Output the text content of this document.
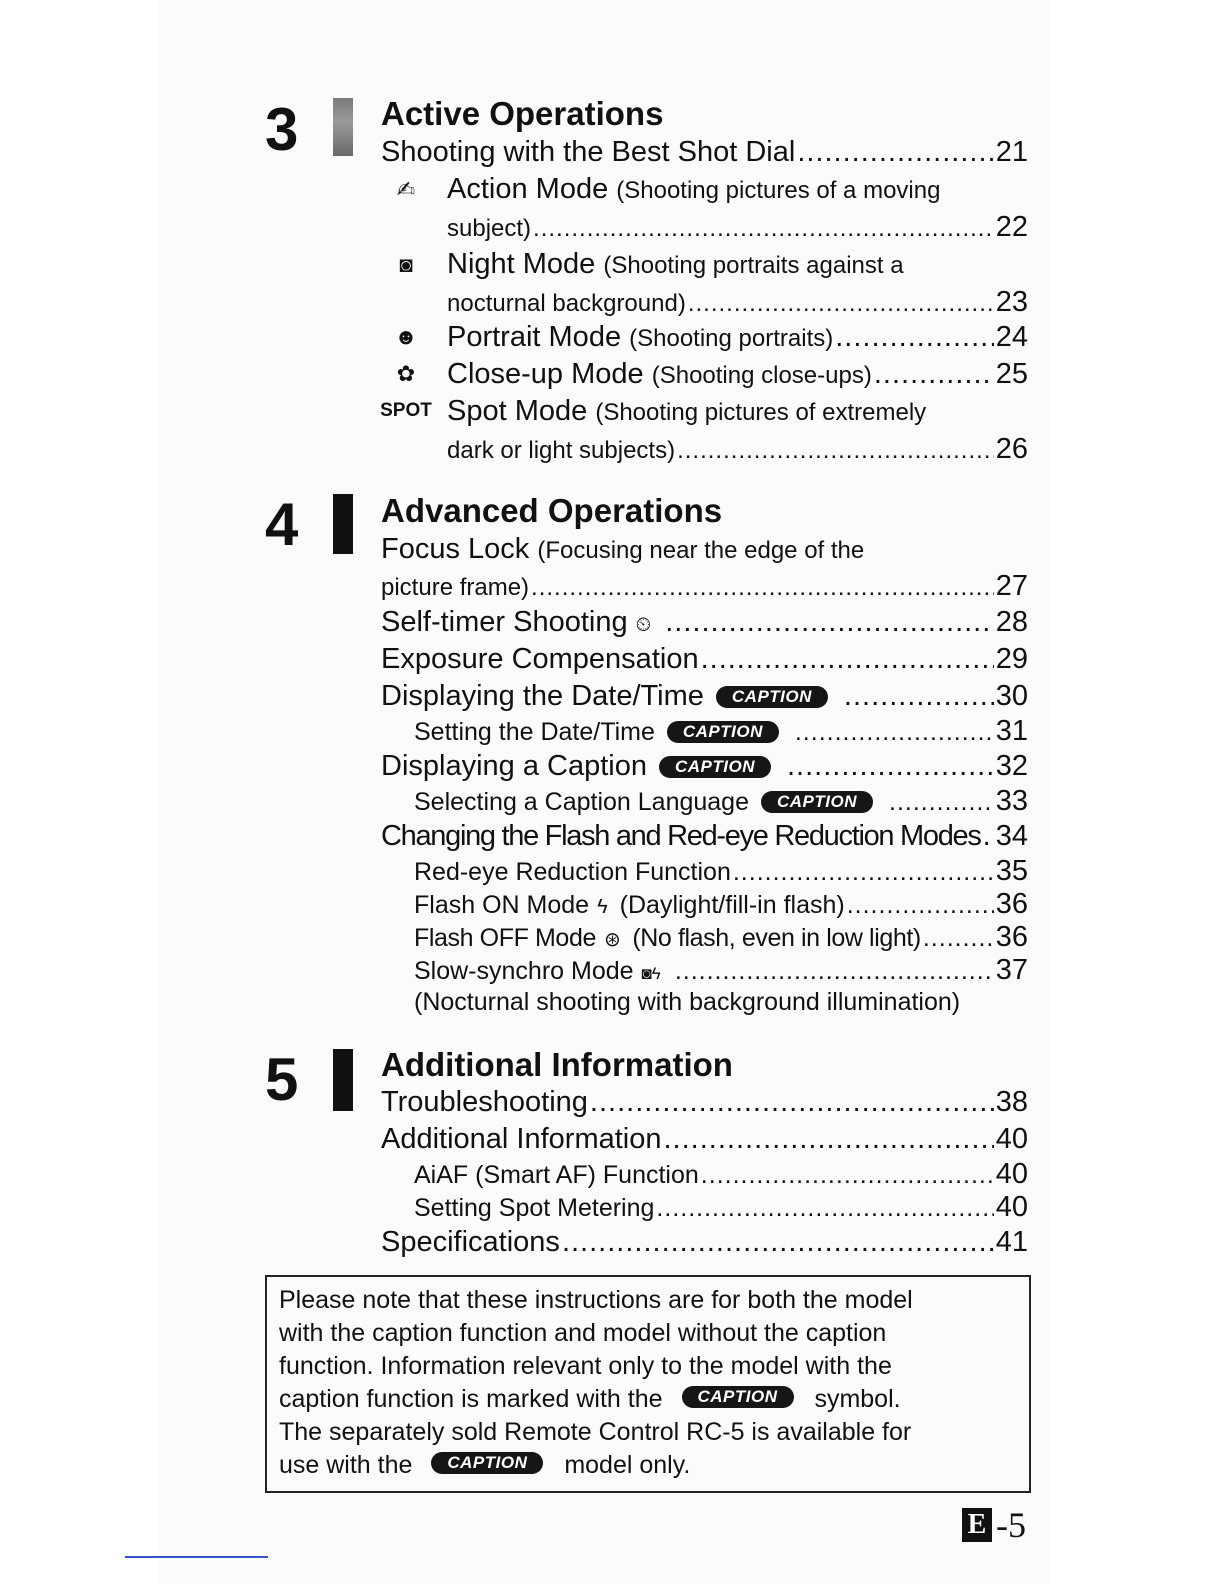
3	Active Operations
Shooting with the Best Shot Dial .....	21
✍	Action Mode (Shooting pictures of a moving
subject) .....	22
◙	Night Mode (Shooting portraits against a
nocturnal background) .....	23
☻	Portrait Mode
(Shooting portraits) .....	24
✿	Close-up Mode
(Shooting close-ups) .....	25
SPOT Spot Mode (Shooting pictures of extremely
dark or light subjects) .....	26
4	Advanced Operations
Focus Lock (Focusing near the edge of the
picture frame) .....	27
Self-timer Shooting ⏲ .....	28
Exposure Compensation .....	29
Displaying the Date/Time	CAPTION .....	30
Setting the Date/Time	CAPTION .....	31
Displaying a Caption	CAPTION .....	32
Selecting a Caption Language	CAPTION .....	33
Changing the Flash and Red-eye Reduction Modes ..... 34
Red-eye Reduction Function .....	35
Flash ON Mode ϟ (Daylight/fill-in flash) .....	36
Flash OFF Mode ⊛ (No flash, even in low light) .....	36
Slow-synchro Mode ◙ϟ .....	37
(Nocturnal shooting with background illumination)
5	Additional Information
Troubleshooting .....	38
Additional Information .....	40
AiAF (Smart AF) Function .....	40
Setting Spot Metering .....	40
Specifications .....	41
Please note that these instructions are for both the model
with the caption function and model without the caption
function. Information relevant only to the model with the
caption function is marked with the CAPTION symbol.
The separately sold Remote Control RC-5 is available for
use with the CAPTION model only.
E -5
